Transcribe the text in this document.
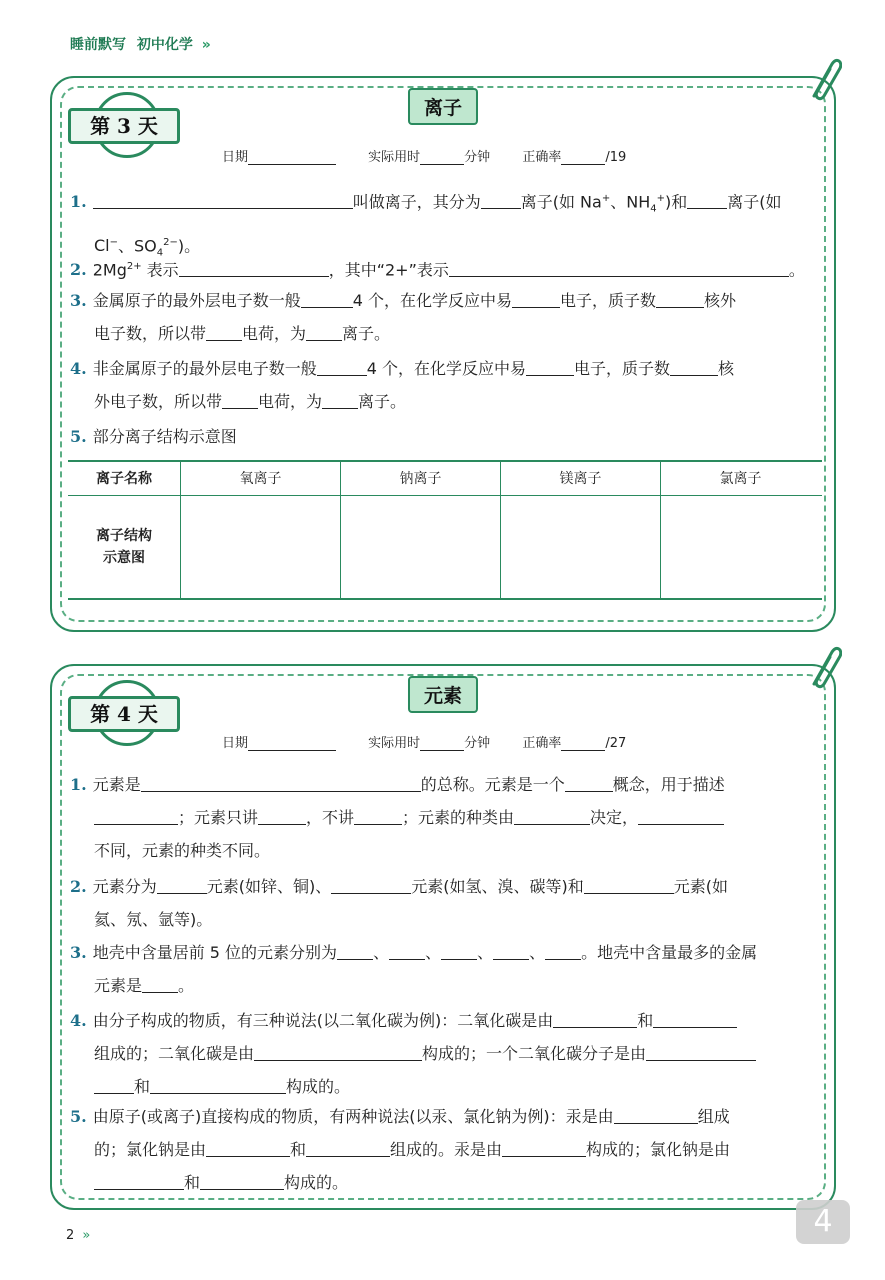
睡前默写 初中化学 »
离子
第 3 天
日期	实际用时	分钟 正确率	/19
1.	叫做离子，其分为	离子(如 Na+、$NH_4^+$)和	离子(如
Cl−、$SO_4^{2-}$)。
2. $2Mg^{2+}$ 表示	，其中“2+”表示	。
3. 金属原子的最外层电子数一般	4 个，在化学反应中易	电子，质子数	核外
电子数，所以带 电荷，为 离子。
4. 非金属原子的最外层电子数一般	4 个，在化学反应中易	电子，质子数	核
外电子数，所以带 电荷，为 离子。
5. 部分离子结构示意图
离子名称	氧离子	钠离子	镁离子	氯离子
离子结构
示意图
元素
第 4 天
日期	实际用时	分钟 正确率	/27
1. 元素是	的总称。元素是一个	概念，用于描述
；元素只讲	，不讲	；元素的种类由	决定，
不同，元素的种类不同。
2. 元素分为	元素(如锌、铜)、	元素(如氢、溴、碳等)和	元素(如
氦、氖、氩等)。
3. 地壳中含量居前 5 位的元素分别为 、 、 、 、 。地壳中含量最多的金属
元素是 。
4. 由分子构成的物质，有三种说法(以二氧化碳为例)：二氧化碳是由	和
组成的；二氧化碳是由	构成的；一个二氧化碳分子是由
和	构成的。
5. 由原子(或离子)直接构成的物质，有两种说法(以汞、氯化钠为例)：汞是由	组成
的；氯化钠是由	和	组成的。汞是由	构成的；氯化钠是由
和	构成的。
2 »	4
